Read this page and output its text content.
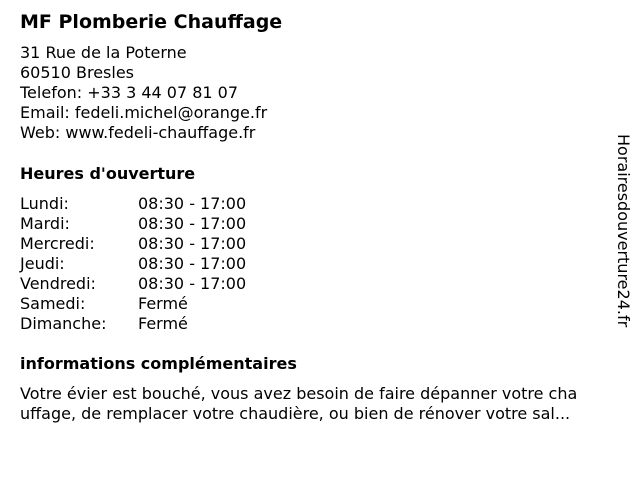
MF Plomberie Chauffage
31 Rue de la Poterne
60510 Bresles
Telefon: +33 3 44 07 81 07
Email: fedeli.michel@orange.fr
Web: www.fedeli-chauffage.fr
Heures d'ouverture
Lundi:	08:30 - 17:00
Mardi:	08:30 - 17:00
Mercredi:	08:30 - 17:00
Jeudi:	08:30 - 17:00
Vendredi:	08:30 - 17:00
Samedi:	Fermé
Dimanche: Fermé
informations complémentaires
Votre évier est bouché, vous avez besoin de faire dépanner votre cha
uffage, de remplacer votre chaudière, ou bien de rénover votre sal...
Horairesdouverture24.fr
